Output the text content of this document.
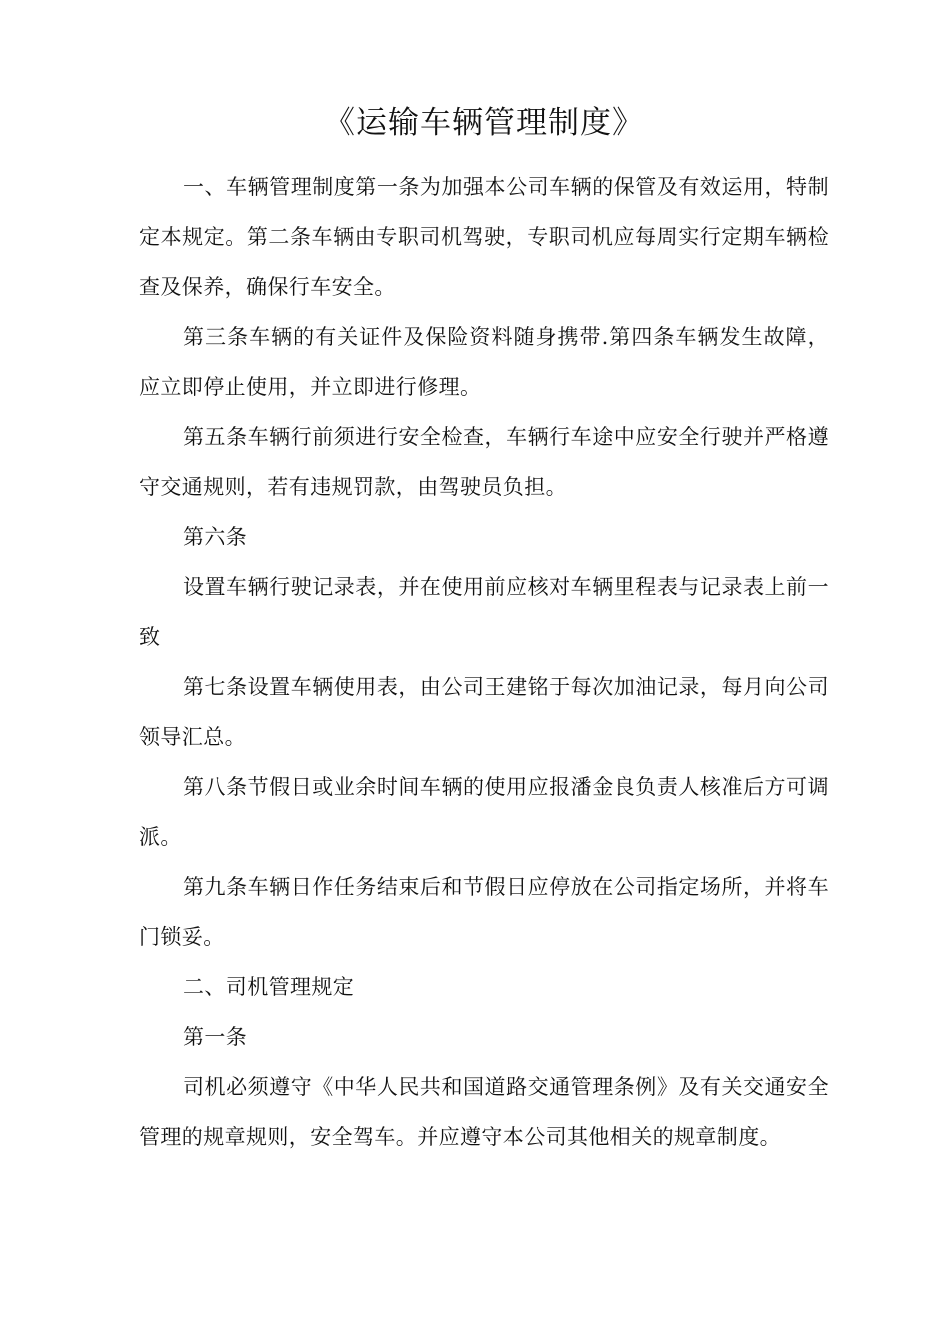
《运输车辆管理制度》

一、车辆管理制度第一条为加强本公司车辆的保管及有效运用，特制定本规定。第二条车辆由专职司机驾驶，专职司机应每周实行定期车辆检查及保养，确保行车安全。

第三条车辆的有关证件及保险资料随身携带.第四条车辆发生故障，应立即停止使用，并立即进行修理。

第五条车辆行前须进行安全检查，车辆行车途中应安全行驶并严格遵守交通规则，若有违规罚款，由驾驶员负担。

第六条

设置车辆行驶记录表，并在使用前应核对车辆里程表与记录表上前一致

第七条设置车辆使用表，由公司王建铭于每次加油记录，每月向公司领导汇总。

第八条节假日或业余时间车辆的使用应报潘金良负责人核准后方可调派。

第九条车辆日作任务结束后和节假日应停放在公司指定场所，并将车门锁妥。

二、司机管理规定

第一条

司机必须遵守《中华人民共和国道路交通管理条例》及有关交通安全管理的规章规则，安全驾车。并应遵守本公司其他相关的规章制度。
